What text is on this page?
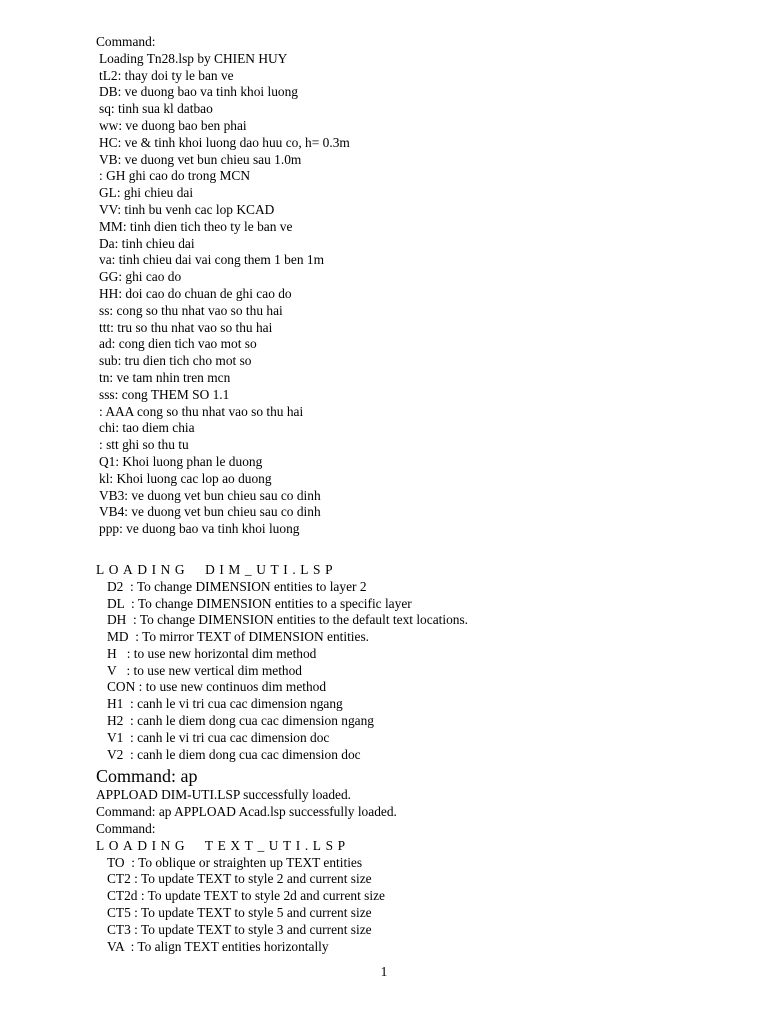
Command:
Loading Tn28.lsp by CHIEN HUY
tL2: thay doi ty le ban ve
DB: ve duong bao va tinh khoi luong
sq: tinh sua kl datbao
ww: ve duong bao ben phai
HC: ve & tinh khoi luong dao huu co, h= 0.3m
VB: ve duong vet bun chieu sau 1.0m
: GH ghi cao do trong MCN
GL: ghi chieu dai
VV: tinh bu venh cac lop KCAD
MM: tinh dien tich theo ty le ban ve
Da: tinh chieu dai
va: tinh chieu dai vai cong them 1 ben 1m
GG: ghi cao do
HH: doi cao do chuan de ghi cao do
ss: cong so thu nhat vao so thu hai
ttt: tru so thu nhat vao so thu hai
ad: cong dien tich vao mot so
sub: tru dien tich cho mot so
tn: ve tam nhin tren mcn
sss: cong THEM SO 1.1
: AAA cong so thu nhat vao so thu hai
chi: tao diem chia
: stt ghi so thu tu
Q1: Khoi luong phan le duong
kl: Khoi luong cac lop ao duong
VB3: ve duong vet bun chieu sau co dinh
VB4: ve duong vet bun chieu sau co dinh
ppp: ve duong bao va tinh khoi luong
LOADING  DIM_UTI.LSP
D2  : To change DIMENSION entities to layer 2
DL  : To change DIMENSION entities to a specific layer
DH  : To change DIMENSION entities to the default text locations.
MD  : To mirror TEXT of DIMENSION entities.
H   : to use new horizontal dim method
V   : to use new vertical dim method
CON : to use new continuos dim method
H1  : canh le vi tri cua cac dimension ngang
H2  : canh le diem dong cua cac dimension ngang
V1  : canh le vi tri cua cac dimension doc
V2  : canh le diem dong cua cac dimension doc
Command: ap
APPLOAD DIM-UTI.LSP successfully loaded.
Command: ap APPLOAD Acad.lsp successfully loaded.
Command:
LOADING  TEXT_UTI.LSP
TO  : To oblique or straighten up TEXT entities
CT2 : To update TEXT to style 2 and current size
CT2d : To update TEXT to style 2d and current size
CT5 : To update TEXT to style 5 and current size
CT3 : To update TEXT to style 3 and current size
VA  : To align TEXT entities horizontally
1
